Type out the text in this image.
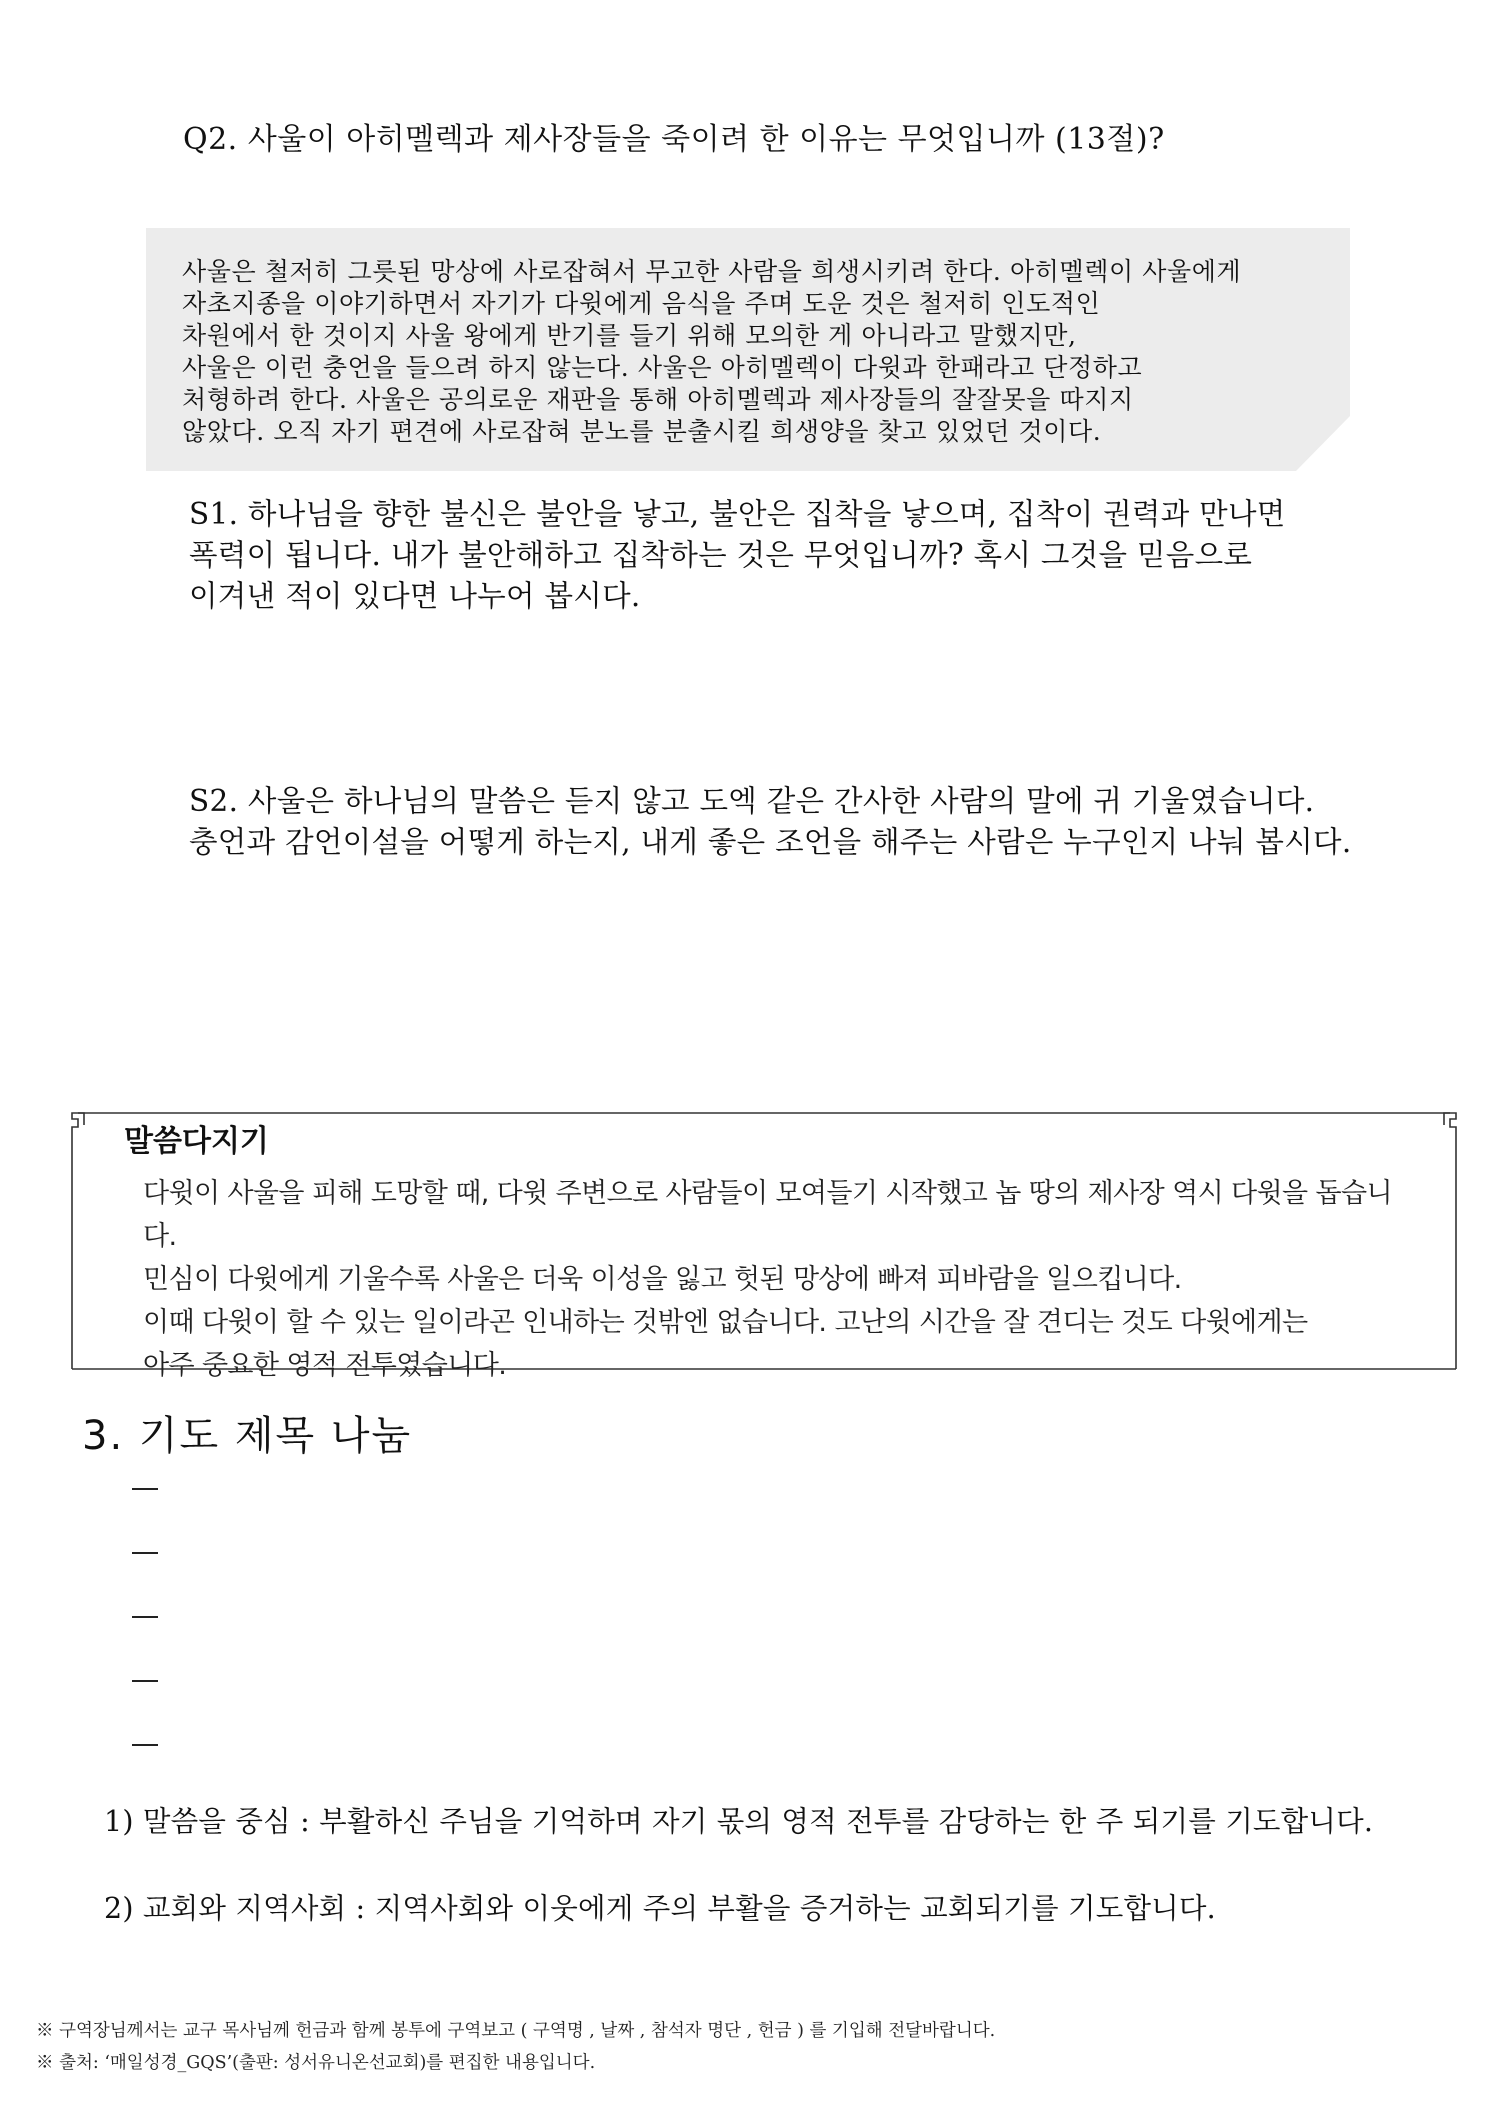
Q2. 사울이 아히멜렉과 제사장들을 죽이려 한 이유는 무엇입니까 (13절)?
사울은 철저히 그릇된 망상에 사로잡혀서 무고한 사람을 희생시키려 한다. 아히멜렉이 사울에게
자초지종을 이야기하면서 자기가 다윗에게 음식을 주며 도운 것은 철저히 인도적인
차원에서 한 것이지 사울 왕에게 반기를 들기 위해 모의한 게 아니라고 말했지만,
사울은 이런 충언을 들으려 하지 않는다. 사울은 아히멜렉이 다윗과 한패라고 단정하고
처형하려 한다. 사울은 공의로운 재판을 통해 아히멜렉과 제사장들의 잘잘못을 따지지
않았다. 오직 자기 편견에 사로잡혀 분노를 분출시킬 희생양을 찾고 있었던 것이다.
S1. 하나님을 향한 불신은 불안을 낳고, 불안은 집착을 낳으며, 집착이 권력과 만나면
폭력이 됩니다. 내가 불안해하고 집착하는 것은 무엇입니까? 혹시 그것을 믿음으로
이겨낸 적이 있다면 나누어 봅시다.
S2. 사울은 하나님의 말씀은 듣지 않고 도엑 같은 간사한 사람의 말에 귀 기울였습니다.
충언과 감언이설을 어떻게 하는지, 내게 좋은 조언을 해주는 사람은 누구인지 나눠 봅시다.
말씀다지기
다윗이 사울을 피해 도망할 때, 다윗 주변으로 사람들이 모여들기 시작했고 놉 땅의 제사장 역시 다윗을 돕습니다.
민심이 다윗에게 기울수록 사울은 더욱 이성을 잃고 헛된 망상에 빠져 피바람을 일으킵니다.
이때 다윗이 할 수 있는 일이라곤 인내하는 것밖엔 없습니다. 고난의 시간을 잘 견디는 것도 다윗에게는
아주 중요한 영적 전투였습니다.
3. 기도 제목 나눔
1) 말씀을 중심 : 부활하신 주님을 기억하며 자기 몫의 영적 전투를 감당하는 한 주 되기를 기도합니다.
2) 교회와 지역사회 : 지역사회와 이웃에게 주의 부활을 증거하는 교회되기를 기도합니다.
※ 구역장님께서는 교구 목사님께 헌금과 함께 봉투에 구역보고 ( 구역명 , 날짜 , 참석자 명단 , 헌금 ) 를 기입해 전달바랍니다.
※ 출처: ‘매일성경_GQS’(출판: 성서유니온선교회)를 편집한 내용입니다.
